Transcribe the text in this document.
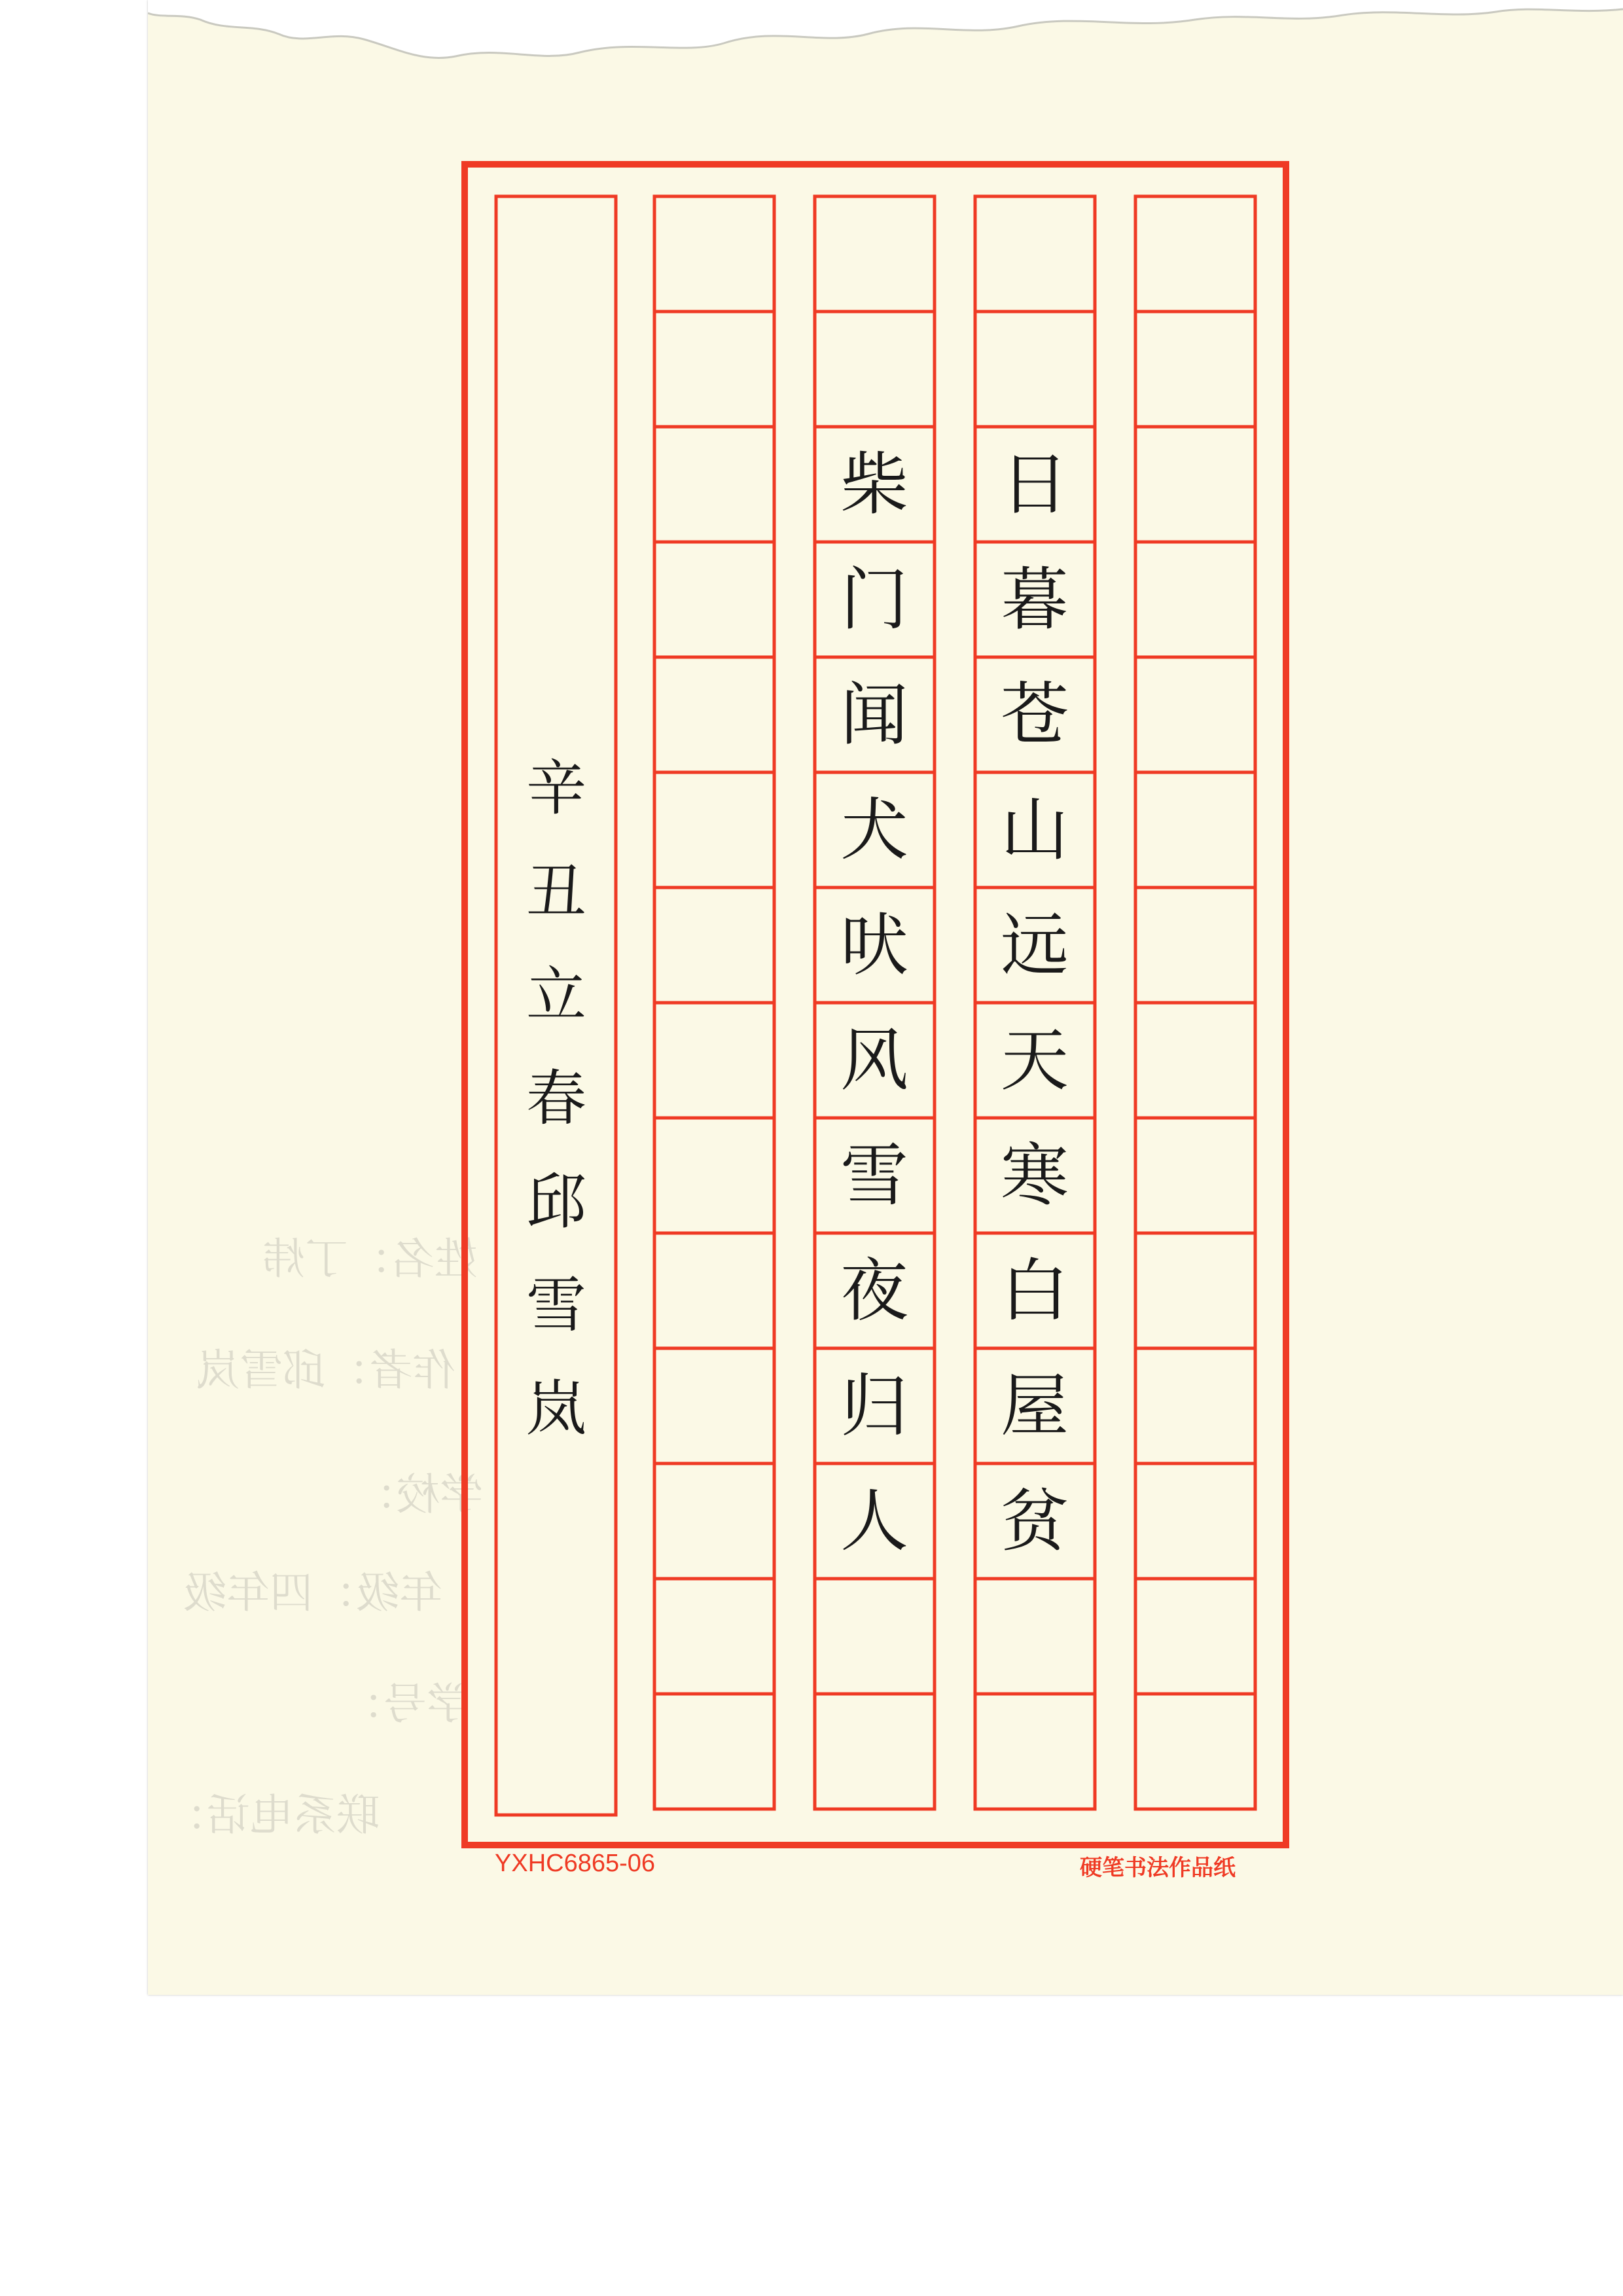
姓名：丁炜
作者：邱雪岚
学校：
年级：四年级
学号：
联系电话：
日
暮
苍
山
远
天
寒
白
屋
贫
柴
门
闻
犬
吠
风
雪
夜
归
人
辛
丑
立
春
邱
雪
岚
YXHC6865-06	硬笔书法作品纸
